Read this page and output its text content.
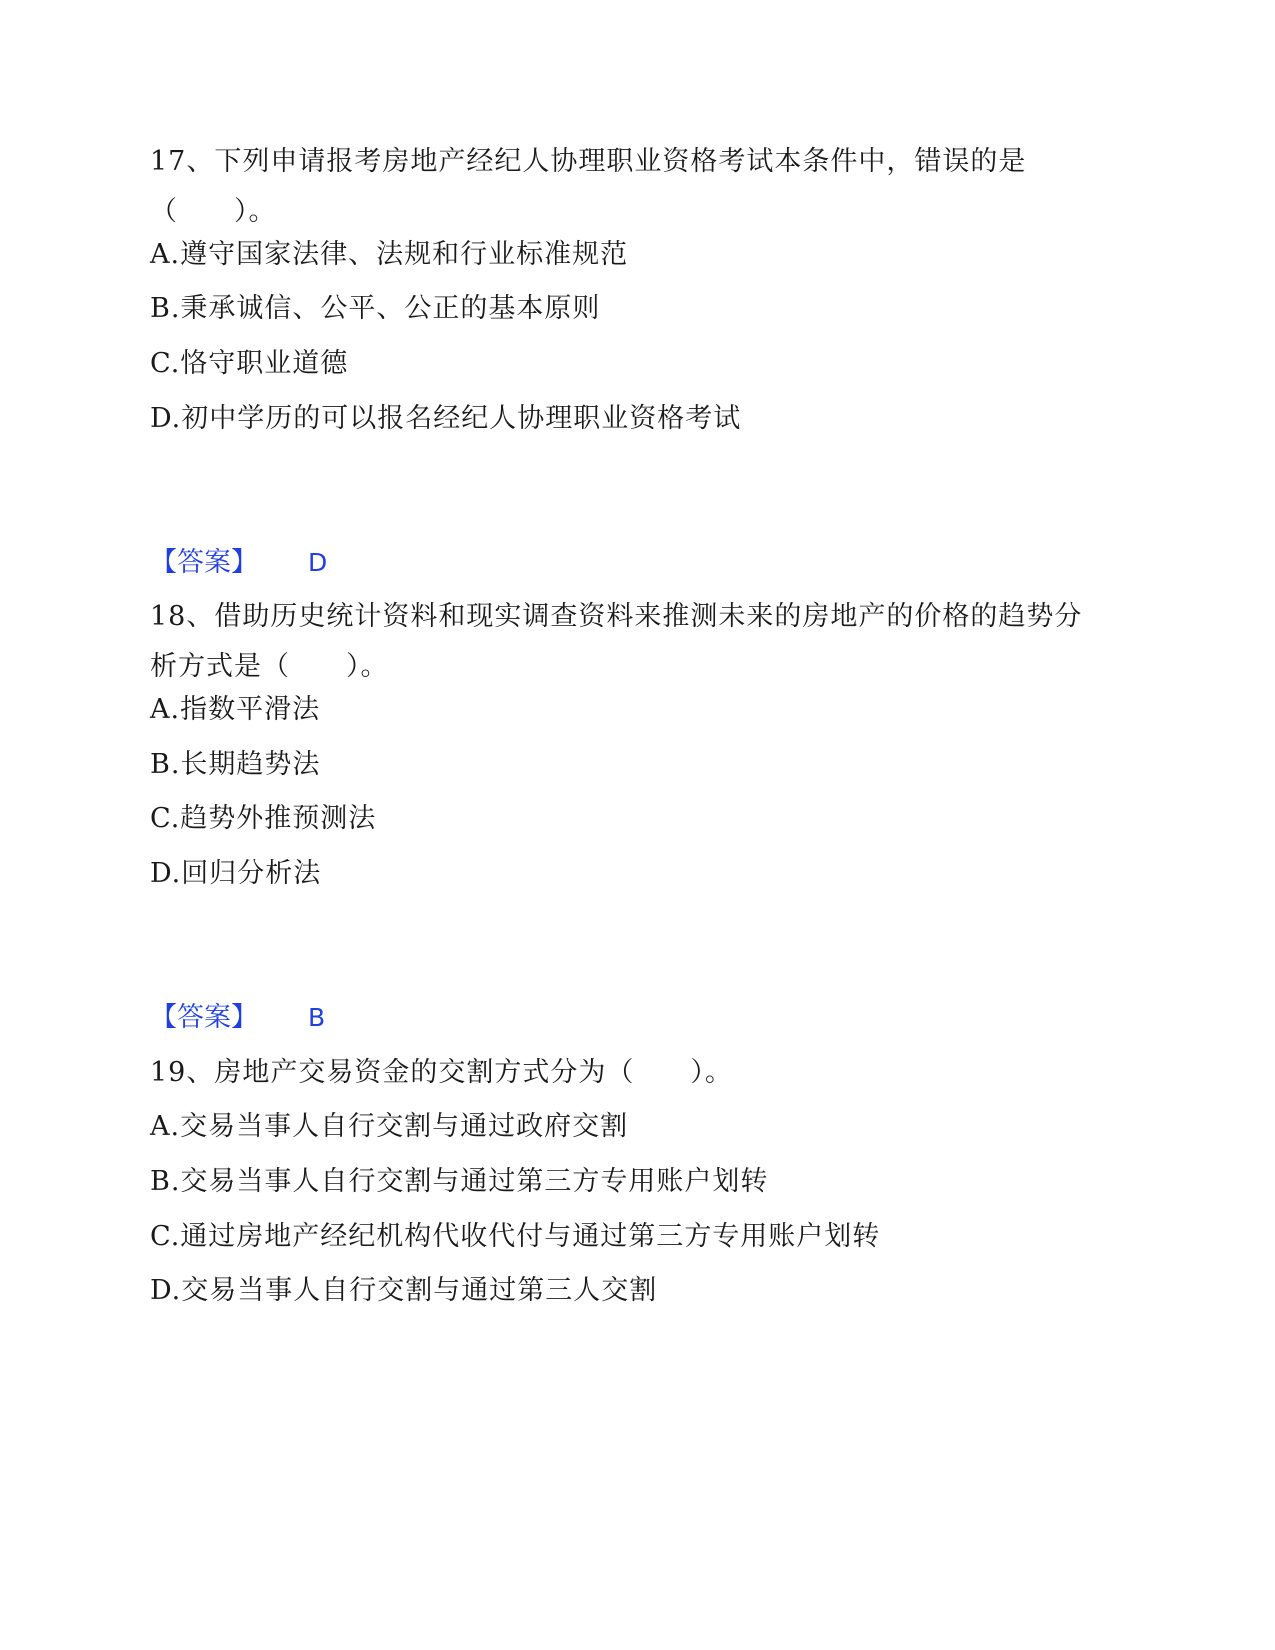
17、下列申请报考房地产经纪人协理职业资格考试本条件中，错误的是（　　）。
A.遵守国家法律、法规和行业标准规范
B.秉承诚信、公平、公正的基本原则
C.恪守职业道德
D.初中学历的可以报名经纪人协理职业资格考试
【答案】 D
18、借助历史统计资料和现实调查资料来推测未来的房地产的价格的趋势分析方式是（　　）。
A.指数平滑法
B.长期趋势法
C.趋势外推预测法
D.回归分析法
【答案】 B
19、房地产交易资金的交割方式分为（　　）。
A.交易当事人自行交割与通过政府交割
B.交易当事人自行交割与通过第三方专用账户划转
C.通过房地产经纪机构代收代付与通过第三方专用账户划转
D.交易当事人自行交割与通过第三人交割
